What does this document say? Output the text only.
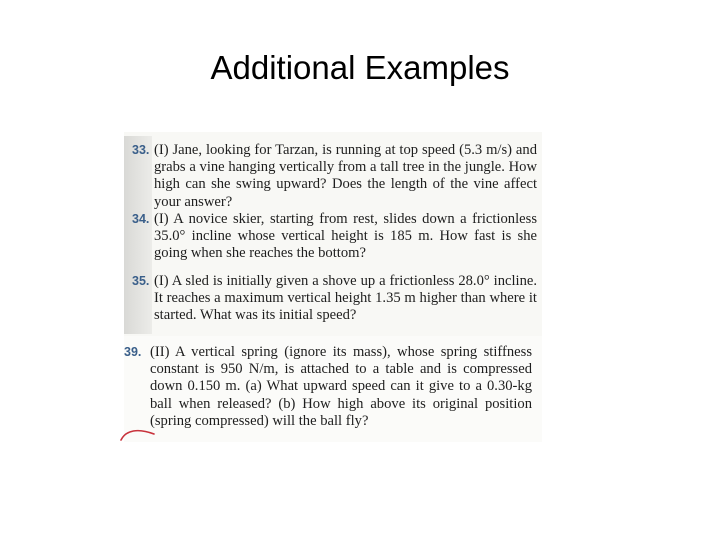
Additional Examples
33. (I) Jane, looking for Tarzan, is running at top speed (5.3 m/s) and grabs a vine hanging vertically from a tall tree in the jungle. How high can she swing upward? Does the length of the vine affect your answer?
34. (I) A novice skier, starting from rest, slides down a frictionless 35.0° incline whose vertical height is 185 m. How fast is she going when she reaches the bottom?
35. (I) A sled is initially given a shove up a frictionless 28.0° incline. It reaches a maximum vertical height 1.35 m higher than where it started. What was its initial speed?
39. (II) A vertical spring (ignore its mass), whose spring stiffness constant is 950 N/m, is attached to a table and is compressed down 0.150 m. (a) What upward speed can it give to a 0.30-kg ball when released? (b) How high above its original position (spring compressed) will the ball fly?
